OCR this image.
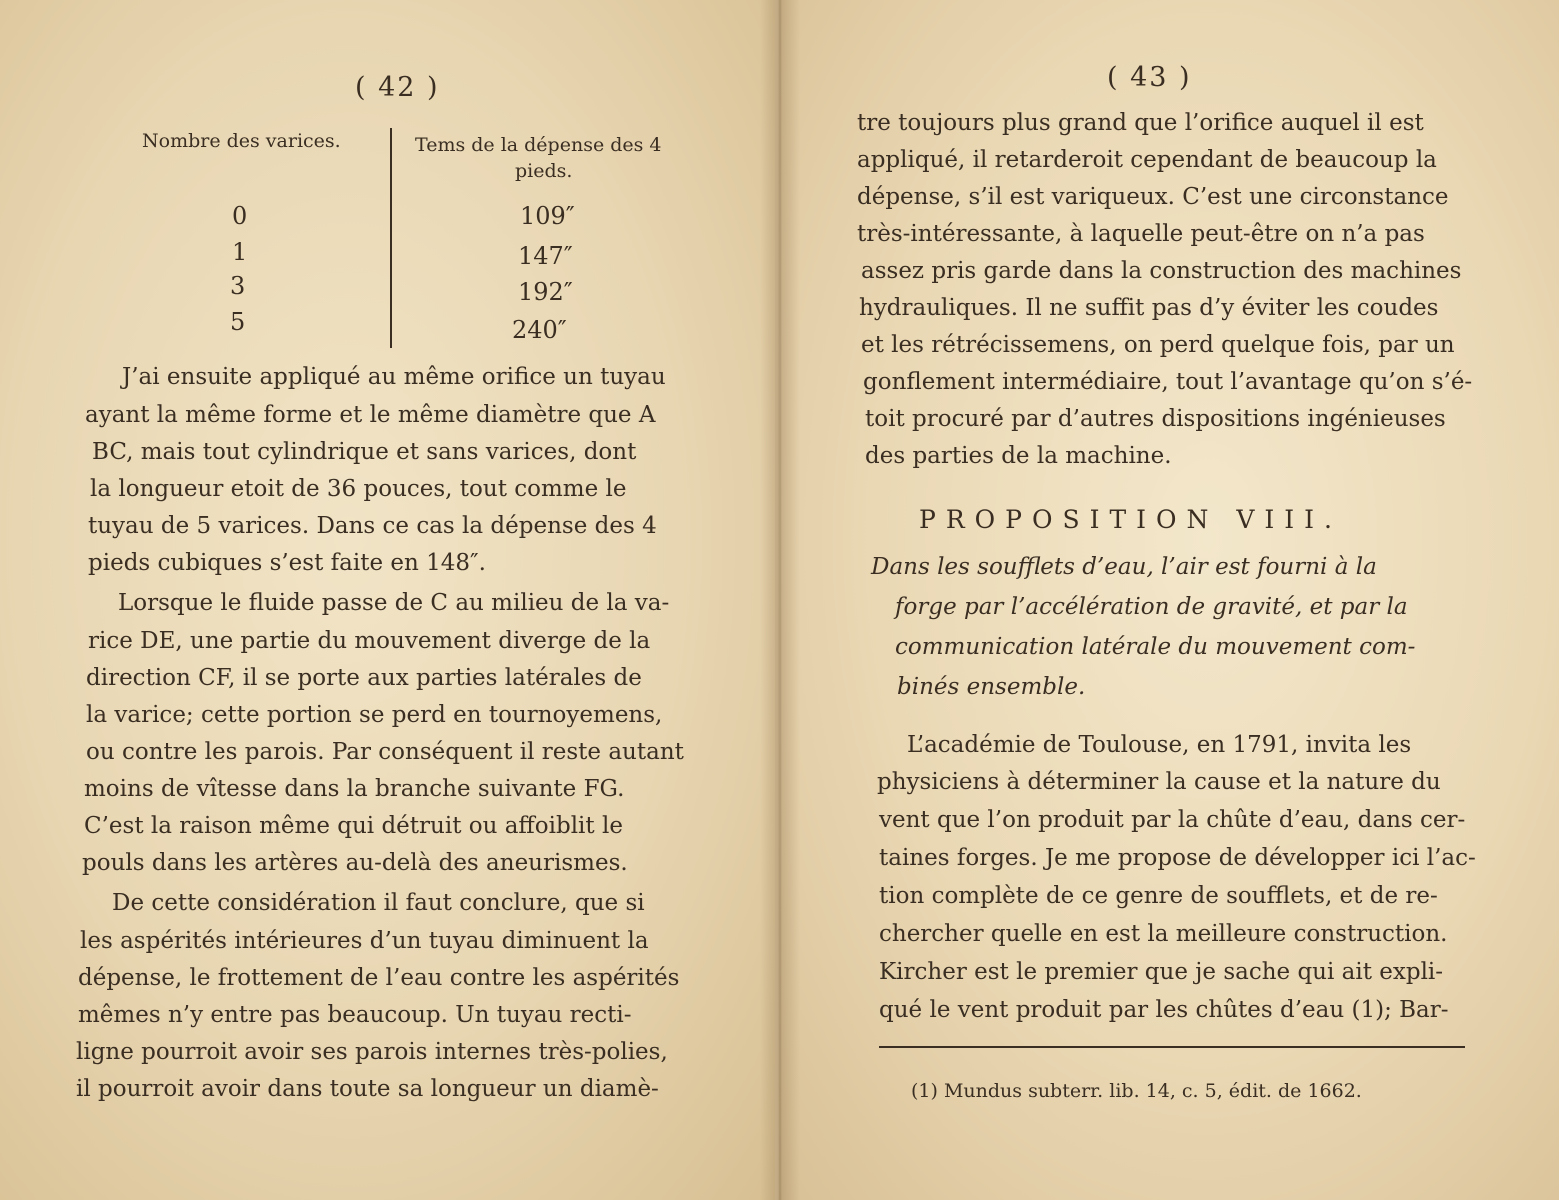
( 42 )
Nombre des varices.	Tems de la dépense des 4
pieds.
0	109″
1	147″
3	192″
5	240″
J’ai ensuite appliqué au même orifice un tuyau
ayant la même forme et le même diamètre que A
BC, mais tout cylindrique et sans varices, dont
la longueur etoit de 36 pouces, tout comme le
tuyau de 5 varices. Dans ce cas la dépense des 4
pieds cubiques s’est faite en 148″.
Lorsque le fluide passe de C au milieu de la va-
rice DE, une partie du mouvement diverge de la
direction CF, il se porte aux parties latérales de
la varice; cette portion se perd en tournoyemens,
ou contre les parois. Par conséquent il reste autant
moins de vîtesse dans la branche suivante FG.
C’est la raison même qui détruit ou affoiblit le
pouls dans les artères au-delà des aneurismes.
De cette considération il faut conclure, que si
les aspérités intérieures d’un tuyau diminuent la
dépense, le frottement de l’eau contre les aspérités
mêmes n’y entre pas beaucoup. Un tuyau recti-
ligne pourroit avoir ses parois internes très-polies,
il pourroit avoir dans toute sa longueur un diamè-
( 43 )
tre toujours plus grand que l’orifice auquel il est
appliqué, il retarderoit cependant de beaucoup la
dépense, s’il est variqueux. C’est une circonstance
très-intéressante, à laquelle peut-être on n’a pas
assez pris garde dans la construction des machines
hydrauliques. Il ne suffit pas d’y éviter les coudes
et les rétrécissemens, on perd quelque fois, par un
gonflement intermédiaire, tout l’avantage qu’on s’é-
toit procuré par d’autres dispositions ingénieuses
des parties de la machine.
PROPOSITION VIII.
Dans les soufflets d’eau, l’air est fourni à la
forge par l’accélération de gravité, et par la
communication latérale du mouvement com-
binés ensemble.
L’académie de Toulouse, en 1791, invita les
physiciens à déterminer la cause et la nature du
vent que l’on produit par la chûte d’eau, dans cer-
taines forges. Je me propose de développer ici l’ac-
tion complète de ce genre de soufflets, et de re-
chercher quelle en est la meilleure construction.
Kircher est le premier que je sache qui ait expli-
qué le vent produit par les chûtes d’eau (1); Bar-
(1) Mundus subterr. lib. 14, c. 5, édit. de 1662.
